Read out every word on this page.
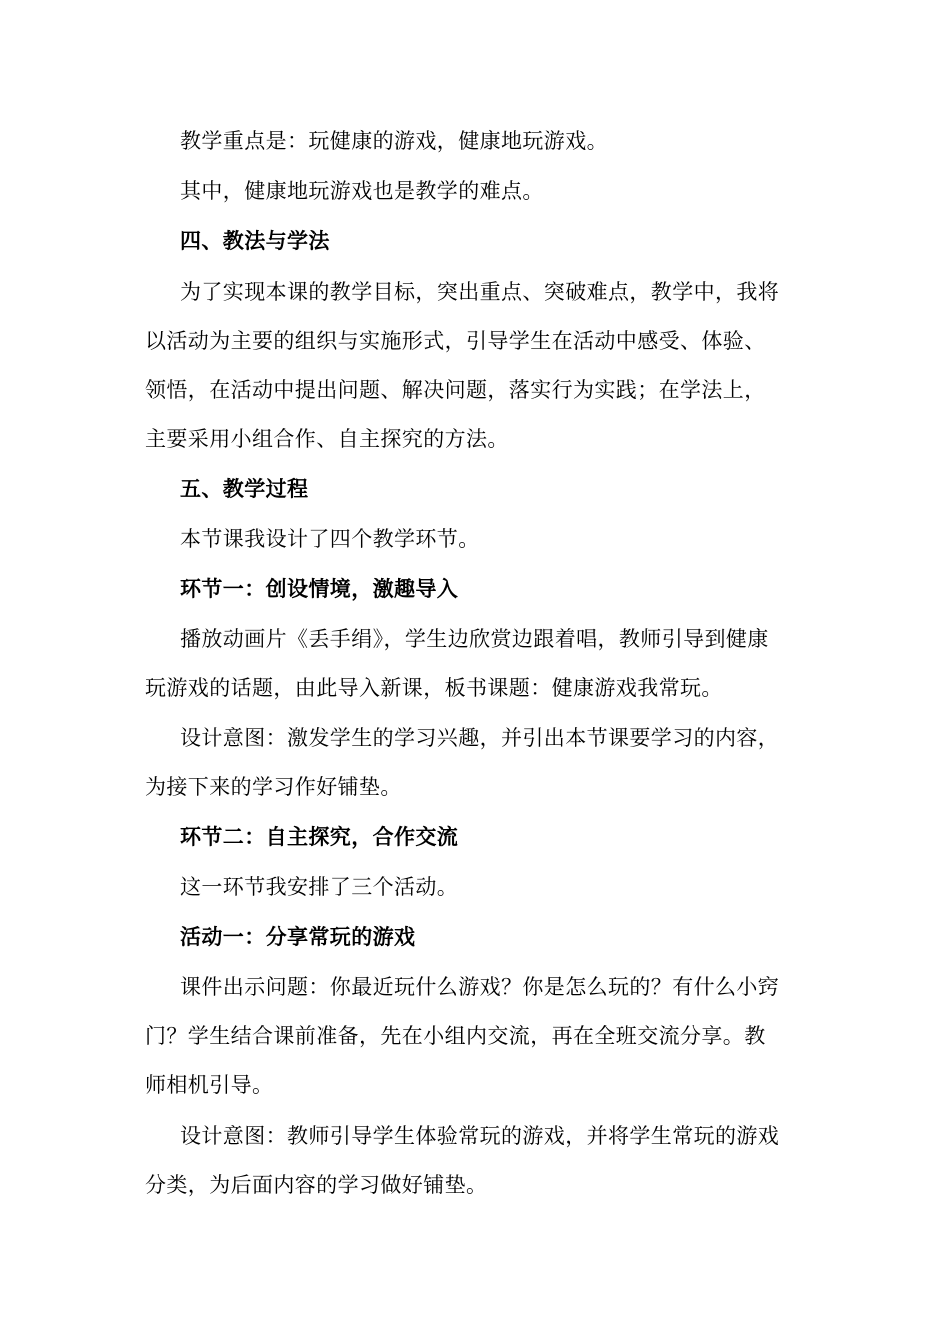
教学重点是：玩健康的游戏，健康地玩游戏。
其中，健康地玩游戏也是教学的难点。
四、教法与学法
为了实现本课的教学目标，突出重点、突破难点，教学中，我将
以活动为主要的组织与实施形式，引导学生在活动中感受、体验、
领悟，在活动中提出问题、解决问题，落实行为实践；在学法上，
主要采用小组合作、自主探究的方法。
五、教学过程
本节课我设计了四个教学环节。
环节一：创设情境，激趣导入
播放动画片《丢手绢》，学生边欣赏边跟着唱，教师引导到健康
玩游戏的话题，由此导入新课，板书课题：健康游戏我常玩。
设计意图：激发学生的学习兴趣，并引出本节课要学习的内容，
为接下来的学习作好铺垫。
环节二：自主探究，合作交流
这一环节我安排了三个活动。
活动一：分享常玩的游戏
课件出示问题：你最近玩什么游戏？你是怎么玩的？有什么小窍
门？学生结合课前准备，先在小组内交流，再在全班交流分享。教
师相机引导。
设计意图：教师引导学生体验常玩的游戏，并将学生常玩的游戏
分类，为后面内容的学习做好铺垫。
